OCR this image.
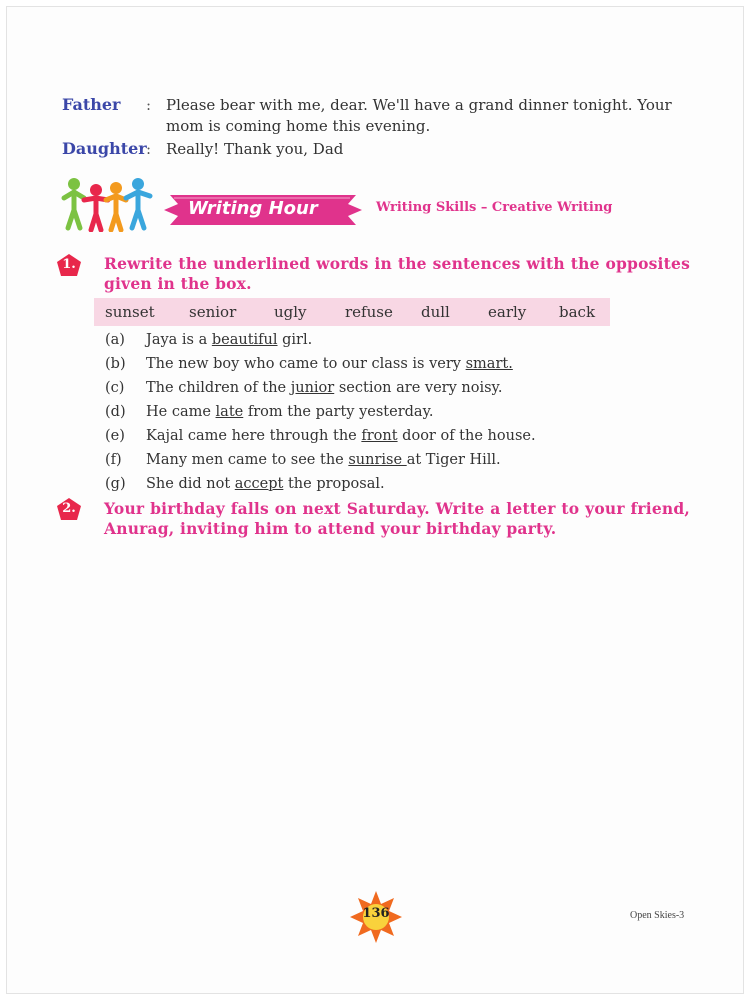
Father : Please bear with me, dear. We'll have a grand dinner tonight. Your
mom is coming home this evening.
Daughter : Really! Thank you, Dad
Writing Hour	Writing Skills – Creative Writing
1.	Rewrite the underlined words in the sentences with the opposites
given in the box.
sunset senior	ugly	refuse dull	early back
(a) Jaya is a beautiful girl.
(b) The new boy who came to our class is very smart.
(c) The children of the junior section are very noisy.
(d) He came late from the party yesterday.
(e) Kajal came here through the front door of the house.
(f) Many men came to see the sunrise at Tiger Hill.
(g) She did not accept the proposal.
2.	Your birthday falls on next Saturday. Write a letter to your friend,
Anurag, inviting him to attend your birthday party.
136	Open Skies-3
